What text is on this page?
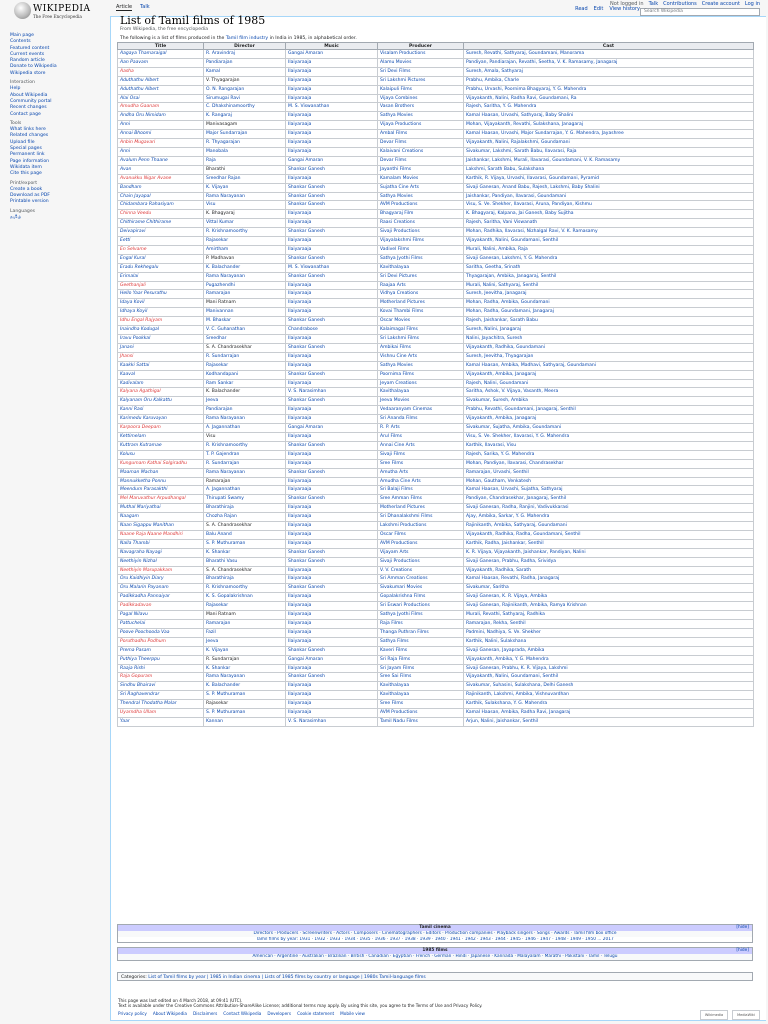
WIKIPEDIA
The Free Encyclopedia
Main page
Contents
Featured content
Current events
Random article
Donate to Wikipedia
Wikipedia store
Interaction
Help
About Wikipedia
Community portal
Recent changes
Contact page
Tools
What links here
Related changes
Upload file
Special pages
Permanent link
Page information
Wikidata item
Cite this page
Print/export
Create a book
Download as PDF
Printable version
Languages
தமிழ்
Article Talk	Read Edit View history
Not logged in Talk Contributions Create account Log in
Search Wikipedia
List of Tamil films of 1985
From Wikipedia, the free encyclopedia
The following is a list of films produced in the Tamil film industry in India in 1985, in alphabetical order.
Title	Director	Music	Producer	Cast
Aagaya Thamaraigal	R. Aravindraj	Gangai Amaran	Visalam Productions	Suresh, Revathi, Sathyaraj, Goundamani, Manorama
Aan Paavam	Pandiarajan	Ilaiyaraaja	Alamu Movies	Pandiyan, Pandiarajan, Revathi, Seetha, V. K. Ramasamy, Janagaraj
Aasha	Kamal	Ilaiyaraaja	Sri Devi Films	Suresh, Amala, Sathyaraj
Aduthathu Albert	V. Thyagarajan	Ilaiyaraaja	Sri Lakshmi Pictures	Prabhu, Ambika, Charle
Aduthathu Albert	O. N. Rangarajan	Ilaiyaraaja	Kalaipuli Films	Prabhu, Urvashi, Poornima Bhagyaraj, Y. G. Mahendra
Alai Osai	Sirumugai Ravi	Ilaiyaraaja	Vijaya Combines	Vijayakanth, Nalini, Radha Ravi, Goundamani, Ra
Amudha Gaanam	C. Dhakshinamoorthy	M. S. Viswanathan	Vasan Brothers	Rajesh, Saritha, Y. G. Mahendra
Andha Oru Nimidam	K. Rangaraj	Ilaiyaraaja	Sathya Movies	Kamal Haasan, Urvashi, Sathyaraj, Baby Shalini
Anni	Manivasagam	Ilaiyaraaja	Vijaya Productions	Mohan, Vijayakanth, Revathi, Sulakshana, Janagaraj
Annai Bhoomi	Major Sundarrajan	Ilaiyaraaja	Ambal Films	Kamal Haasan, Urvashi, Major Sundarrajan, Y. G. Mahendra, Jayashree
Anbin Mugavari	R. Thyagarajan	Ilaiyaraaja	Devar Films	Vijayakanth, Nalini, Rajalakshmi, Goundamani
Anni	Manobala	Ilaiyaraaja	Kalaivani Creations	Sivakumar, Lakshmi, Sarath Babu, Ilavarasi, Raja
Avalum Penn Thaane	Raja	Gangai Amaran	Devar Films	Jaishankar, Lakshmi, Murali, Ilavarasi, Goundamani, V. K. Ramasamy
Avan	Bharathi	Shankar Ganesh	Jayanthi Films	Lakshmi, Sarath Babu, Sulakshana
Avanukku Nigar Avane	Sreedhar Rajan	Ilaiyaraaja	Kamalam Movies	Karthik, R. Vijaya, Urvashi, Ilavarasi, Goundamani, Pyramid
Bandham	K. Vijayan	Shankar Ganesh	Sujatha Cine Arts	Sivaji Ganesan, Anand Babu, Rajesh, Lakshmi, Baby Shalini
Chain Jayapal	Rama Narayanan	Shankar Ganesh	Sathya Movies	Jaishankar, Pandiyan, Ilavarasi, Goundamani
Chidambara Rahasiyam	Visu	Shankar Ganesh	AVM Productions	Visu, S. Ve. Shekher, Ilavarasi, Aruna, Pandiyan, Kishmu
Chinna Veedu	K. Bhagyaraj	Ilaiyaraaja	Bhagyaraj Film	K. Bhagyaraj, Kalpana, Jai Ganesh, Baby Sujitha
Chithirame Chithirame	Vittal Kumar	Ilaiyaraaja	Raasi Creations	Rajesh, Saritha, Vani Viswanath
Deivapiravi	R. Krishnamoorthy	Shankar Ganesh	Sivaji Productions	Mohan, Radhika, Ilavarasi, Nizhalgal Ravi, V. K. Ramasamy
Eetti	Rajasekar	Ilaiyaraaja	Vijayalakshmi Films	Vijayakanth, Nalini, Goundamani, Senthil
En Selvame	Amirtham	Ilaiyaraaja	Vadivel Films	Murali, Nalini, Ambika, Raja
Engal Kural	P. Madhavan	Shankar Ganesh	Sathya Jyothi Films	Sivaji Ganesan, Lakshmi, Y. G. Mahendra
Eradu Rekhegalu	K. Balachander	M. S. Viswanathan	Kavithalayaa	Saritha, Geetha, Srinath
Erimalai	Rama Narayanan	Shankar Ganesh	Sri Devi Pictures	Thyagarajan, Ambika, Janagaraj, Senthil
Geethanjali	Pugazhendhi	Ilaiyaraaja	Raajaa Arts	Murali, Nalini, Sathyaraj, Senthil
Hello Yaar Pesurathu	Ramarajan	Ilaiyaraaja	Vidhya Creations	Suresh, Jeevitha, Janagaraj
Idaya Kovil	Mani Ratnam	Ilaiyaraaja	Motherland Pictures	Mohan, Radha, Ambika, Goundamani
Idhaya Koyil	Manivannan	Ilaiyaraaja	Kovai Thambi Films	Mohan, Radha, Goundamani, Janagaraj
Idhu Engal Rajyam	M. Bhaskar	Shankar Ganesh	Oscar Movies	Rajesh, Jaishankar, Sarath Babu
Inaindha Kodugal	V. C. Guhanathan	Chandrabose	Kalaimagal Films	Suresh, Nalini, Janagaraj
Iravu Pookkal	Sreedhar	Ilaiyaraaja	Sri Lakshmi Films	Nalini, Jayachitra, Suresh
Janani	S. A. Chandrasekhar	Shankar Ganesh	Ambikai Films	Vijayakanth, Radhika, Goundamani
Jhansi	R. Sundarrajan	Ilaiyaraaja	Vishnu Cine Arts	Suresh, Jeevitha, Thyagarajan
Kaakki Sattai	Rajasekar	Ilaiyaraaja	Sathya Movies	Kamal Haasan, Ambika, Madhavi, Sathyaraj, Goundamani
Kaaval	Kodhandapani	Shankar Ganesh	Poornima Films	Vijayakanth, Ambika, Janagaraj
Kadivalam	Ram Sankar	Ilaiyaraaja	Jeyam Creations	Rajesh, Nalini, Goundamani
Kalyana Agathigal	K. Balachander	V. S. Narasimhan	Kavithalayaa	Saritha, Ashok, V. Vijaya, Vasanth, Meera
Kalyanam Oru Kalkattu	Jeeva	Shankar Ganesh	Jeeva Movies	Sivakumar, Suresh, Ambika
Kanni Rasi	Pandiarajan	Ilaiyaraaja	Vedaaranyam Cinemas	Prabhu, Revathi, Goundamani, Janagaraj, Senthil
Karimedu Karuvayan	Rama Narayanan	Ilaiyaraaja	Sri Ananda Films	Vijayakanth, Ambika, Janagaraj
Karpoora Deepam	A. Jagannathan	Gangai Amaran	R. P. Arts	Sivakumar, Sujatha, Ambika, Goundamani
Kettimelam	Visu	Ilaiyaraaja	Arul Films	Visu, S. Ve. Shekher, Ilavarasi, Y. G. Mahendra
Kuttram Kutramae	R. Krishnamoorthy	Shankar Ganesh	Annai Cine Arts	Karthik, Ilavarasi, Visu
Kolusu	T. P. Gajendran	Ilaiyaraaja	Sivaji Films	Rajesh, Sarika, Y. G. Mahendra
Kungumam Kathai Solgiradhu	R. Sundarrajan	Ilaiyaraaja	Sree Films	Mohan, Pandiyan, Ilavarasi, Chandrasekhar
Maaman Machan	Rama Narayanan	Shankar Ganesh	Amutha Arts	Ramarajan, Urvashi, Senthil
Mannukketha Ponnu	Ramarajan	Ilaiyaraaja	Amudha Cine Arts	Mohan, Gautham, Venkatesh
Meendum Parasakthi	A. Jagannathan	Ilaiyaraaja	Sri Balaji Films	Kamal Haasan, Urvashi, Sujatha, Sathyaraj
Mel Maruvathur Arpudhangal	Thirupati Swamy	Shankar Ganesh	Sree Amman Films	Pandiyan, Chandrasekhar, Janagaraj, Senthil
Muthal Mariyathai	Bharathiraja	Ilaiyaraaja	Motherland Pictures	Sivaji Ganesan, Radha, Ranjini, Vadivukkarasi
Naagam	Chozha Rajan	Ilaiyaraaja	Sri Dhanalakshmi Films	Ajay, Ambika, Sarkar, Y. G. Mahendra
Naan Sigappu Manithan	S. A. Chandrasekhar	Ilaiyaraaja	Lakshmi Productions	Rajinikanth, Ambika, Sathyaraj, Goundamani
Naane Raja Naane Mandhiri	Balu Anand	Ilaiyaraaja	Oscar Films	Vijayakanth, Radhika, Radha, Goundamani, Senthil
Nalla Thambi	S. P. Muthuraman	Ilaiyaraaja	AVM Productions	Karthik, Radha, Jaishankar, Senthil
Navagraha Nayagi	K. Shankar	Shankar Ganesh	Vijayam Arts	K. R. Vijaya, Vijayakanth, Jaishankar, Pandiyan, Nalini
Neethiyin Nizhal	Bharathi Vasu	Shankar Ganesh	Sivaji Productions	Sivaji Ganesan, Prabhu, Radha, Srividya
Neethiyin Marupakkam	S. A. Chandrasekhar	Ilaiyaraaja	V. V. Creations	Vijayakanth, Radhika, Sarath
Oru Kaidhiyin Diary	Bharathiraja	Ilaiyaraaja	Sri Amman Creations	Kamal Haasan, Revathi, Radha, Janagaraj
Oru Malarin Payanam	R. Krishnamoorthy	Shankar Ganesh	Sivakumari Movies	Sivakumar, Saritha
Padikkadha Pannaiyar	K. S. Gopalakrishnan	Ilaiyaraaja	Gopalakrishna Films	Sivaji Ganesan, K. R. Vijaya, Ambika
Padikkadavan	Rajasekar	Ilaiyaraaja	Sri Eswari Productions	Sivaji Ganesan, Rajinikanth, Ambika, Ramya Krishnan
Pagal Nilavu	Mani Ratnam	Ilaiyaraaja	Sathya Jyothi Films	Murali, Revathi, Sathyaraj, Radhika
Pattuchelai	Ramarajan	Ilaiyaraaja	Raja Films	Ramarajan, Rekha, Senthil
Poove Poochooda Vaa	Fazil	Ilaiyaraaja	Thanga Puthran Films	Padmini, Nadhiya, S. Ve. Shekher
Poruthadhu Podhum	Jeeva	Ilaiyaraaja	Sathya Films	Karthik, Nalini, Sulakshana
Prema Pasam	K. Vijayan	Shankar Ganesh	Kaveri Films	Sivaji Ganesan, Jayaprada, Ambika
Puthiya Theerppu	R. Sundarrajan	Gangai Amaran	Sri Raja Films	Vijayakanth, Ambika, Y. G. Mahendra
Raaja Rishi	K. Shankar	Ilaiyaraaja	Sri Jayam Films	Sivaji Ganesan, Prabhu, K. R. Vijaya, Lakshmi
Raja Gopuram	Rama Narayanan	Shankar Ganesh	Sree Sai Films	Vijayakanth, Nalini, Goundamani, Senthil
Sindhu Bhairavi	K. Balachander	Ilaiyaraaja	Kavithalayaa	Sivakumar, Suhasini, Sulakshana, Delhi Ganesh
Sri Raghavendrar	S. P. Muthuraman	Ilaiyaraaja	Kavithalayaa	Rajinikanth, Lakshmi, Ambika, Vishnuvardhan
Thendral Thodatha Malar	Rajasekar	Ilaiyaraaja	Sree Films	Karthik, Sulakshana, Y. G. Mahendra
Uyarndha Ullam	S. P. Muthuraman	Ilaiyaraaja	AVM Productions	Kamal Haasan, Ambika, Radha Ravi, Janagaraj
Yaar	Kannan	V. S. Narasimhan	Tamil Nadu Films	Arjun, Nalini, Jaishankar, Senthil
Tamil cinema	[hide]
Directors · Producers · Screenwriters · Actors · Composers · Cinematographers · Editors · Production companies · Playback singers · Songs · Awards · Tamil film box office
Tamil films by year: 1931 · 1932 · 1933 · 1934 · 1935 · 1936 · 1937 · 1938 · 1939 · 1940 · 1941 · 1942 · 1943 · 1944 · 1945 · 1946 · 1947 · 1948 · 1949 · 1950 ... 2017
1985 films	[hide]
American · Argentine · Australian · Brazilian · British · Canadian · Egyptian · French · German · Hindi · Japanese · Kannada · Malayalam · Marathi · Pakistani · Tamil · Telugu
Categories: List of Tamil films by year | 1985 in Indian cinema | Lists of 1985 films by country or language | 1980s Tamil-language films
This page was last edited on 4 March 2018, at 09:41 (UTC).
Text is available under the Creative Commons Attribution-ShareAlike License; additional terms may apply. By using this site, you agree to the Terms of Use and Privacy Policy.
Privacy policy About Wikipedia Disclaimers Contact Wikipedia Developers Cookie statement Mobile view	Wikimedia	MediaWiki
